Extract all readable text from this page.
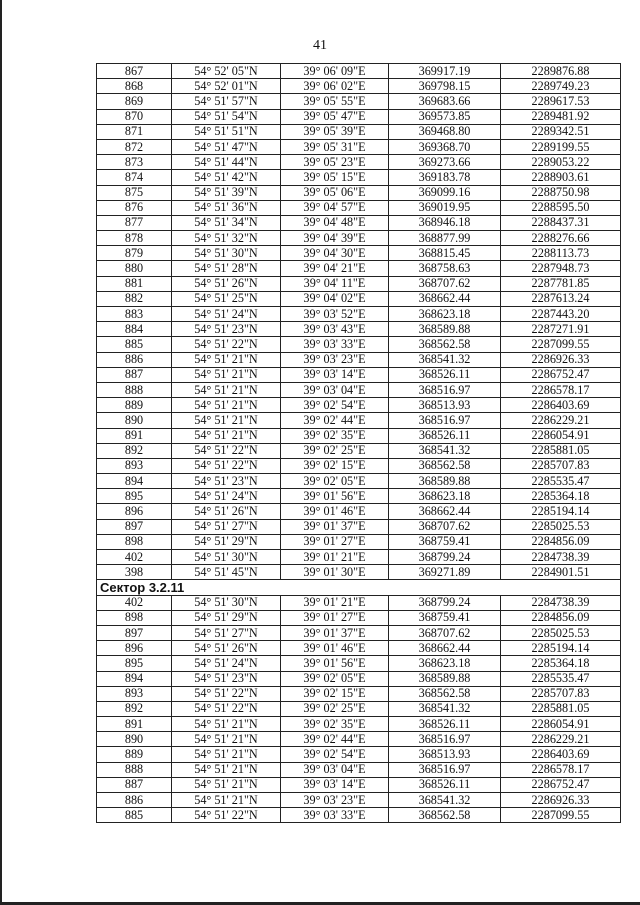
41
867	54° 52' 05"N	39° 06' 09"E	369917.19	2289876.88
868	54° 52' 01"N	39° 06' 02"E	369798.15	2289749.23
869	54° 51' 57"N	39° 05' 55"E	369683.66	2289617.53
870	54° 51' 54"N	39° 05' 47"E	369573.85	2289481.92
871	54° 51' 51"N	39° 05' 39"E	369468.80	2289342.51
872	54° 51' 47"N	39° 05' 31"E	369368.70	2289199.55
873	54° 51' 44"N	39° 05' 23"E	369273.66	2289053.22
874	54° 51' 42"N	39° 05' 15"E	369183.78	2288903.61
875	54° 51' 39"N	39° 05' 06"E	369099.16	2288750.98
876	54° 51' 36"N	39° 04' 57"E	369019.95	2288595.50
877	54° 51' 34"N	39° 04' 48"E	368946.18	2288437.31
878	54° 51' 32"N	39° 04' 39"E	368877.99	2288276.66
879	54° 51' 30"N	39° 04' 30"E	368815.45	2288113.73
880	54° 51' 28"N	39° 04' 21"E	368758.63	2287948.73
881	54° 51' 26"N	39° 04' 11"E	368707.62	2287781.85
882	54° 51' 25"N	39° 04' 02"E	368662.44	2287613.24
883	54° 51' 24"N	39° 03' 52"E	368623.18	2287443.20
884	54° 51' 23"N	39° 03' 43"E	368589.88	2287271.91
885	54° 51' 22"N	39° 03' 33"E	368562.58	2287099.55
886	54° 51' 21"N	39° 03' 23"E	368541.32	2286926.33
887	54° 51' 21"N	39° 03' 14"E	368526.11	2286752.47
888	54° 51' 21"N	39° 03' 04"E	368516.97	2286578.17
889	54° 51' 21"N	39° 02' 54"E	368513.93	2286403.69
890	54° 51' 21"N	39° 02' 44"E	368516.97	2286229.21
891	54° 51' 21"N	39° 02' 35"E	368526.11	2286054.91
892	54° 51' 22"N	39° 02' 25"E	368541.32	2285881.05
893	54° 51' 22"N	39° 02' 15"E	368562.58	2285707.83
894	54° 51' 23"N	39° 02' 05"E	368589.88	2285535.47
895	54° 51' 24"N	39° 01' 56"E	368623.18	2285364.18
896	54° 51' 26"N	39° 01' 46"E	368662.44	2285194.14
897	54° 51' 27"N	39° 01' 37"E	368707.62	2285025.53
898	54° 51' 29"N	39° 01' 27"E	368759.41	2284856.09
402	54° 51' 30"N	39° 01' 21"E	368799.24	2284738.39
398	54° 51' 45"N	39° 01' 30"E	369271.89	2284901.51
Сектор 3.2.11				
402	54° 51' 30"N	39° 01' 21"E	368799.24	2284738.39
898	54° 51' 29"N	39° 01' 27"E	368759.41	2284856.09
897	54° 51' 27"N	39° 01' 37"E	368707.62	2285025.53
896	54° 51' 26"N	39° 01' 46"E	368662.44	2285194.14
895	54° 51' 24"N	39° 01' 56"E	368623.18	2285364.18
894	54° 51' 23"N	39° 02' 05"E	368589.88	2285535.47
893	54° 51' 22"N	39° 02' 15"E	368562.58	2285707.83
892	54° 51' 22"N	39° 02' 25"E	368541.32	2285881.05
891	54° 51' 21"N	39° 02' 35"E	368526.11	2286054.91
890	54° 51' 21"N	39° 02' 44"E	368516.97	2286229.21
889	54° 51' 21"N	39° 02' 54"E	368513.93	2286403.69
888	54° 51' 21"N	39° 03' 04"E	368516.97	2286578.17
887	54° 51' 21"N	39° 03' 14"E	368526.11	2286752.47
886	54° 51' 21"N	39° 03' 23"E	368541.32	2286926.33
885	54° 51' 22"N	39° 03' 33"E	368562.58	2287099.55
